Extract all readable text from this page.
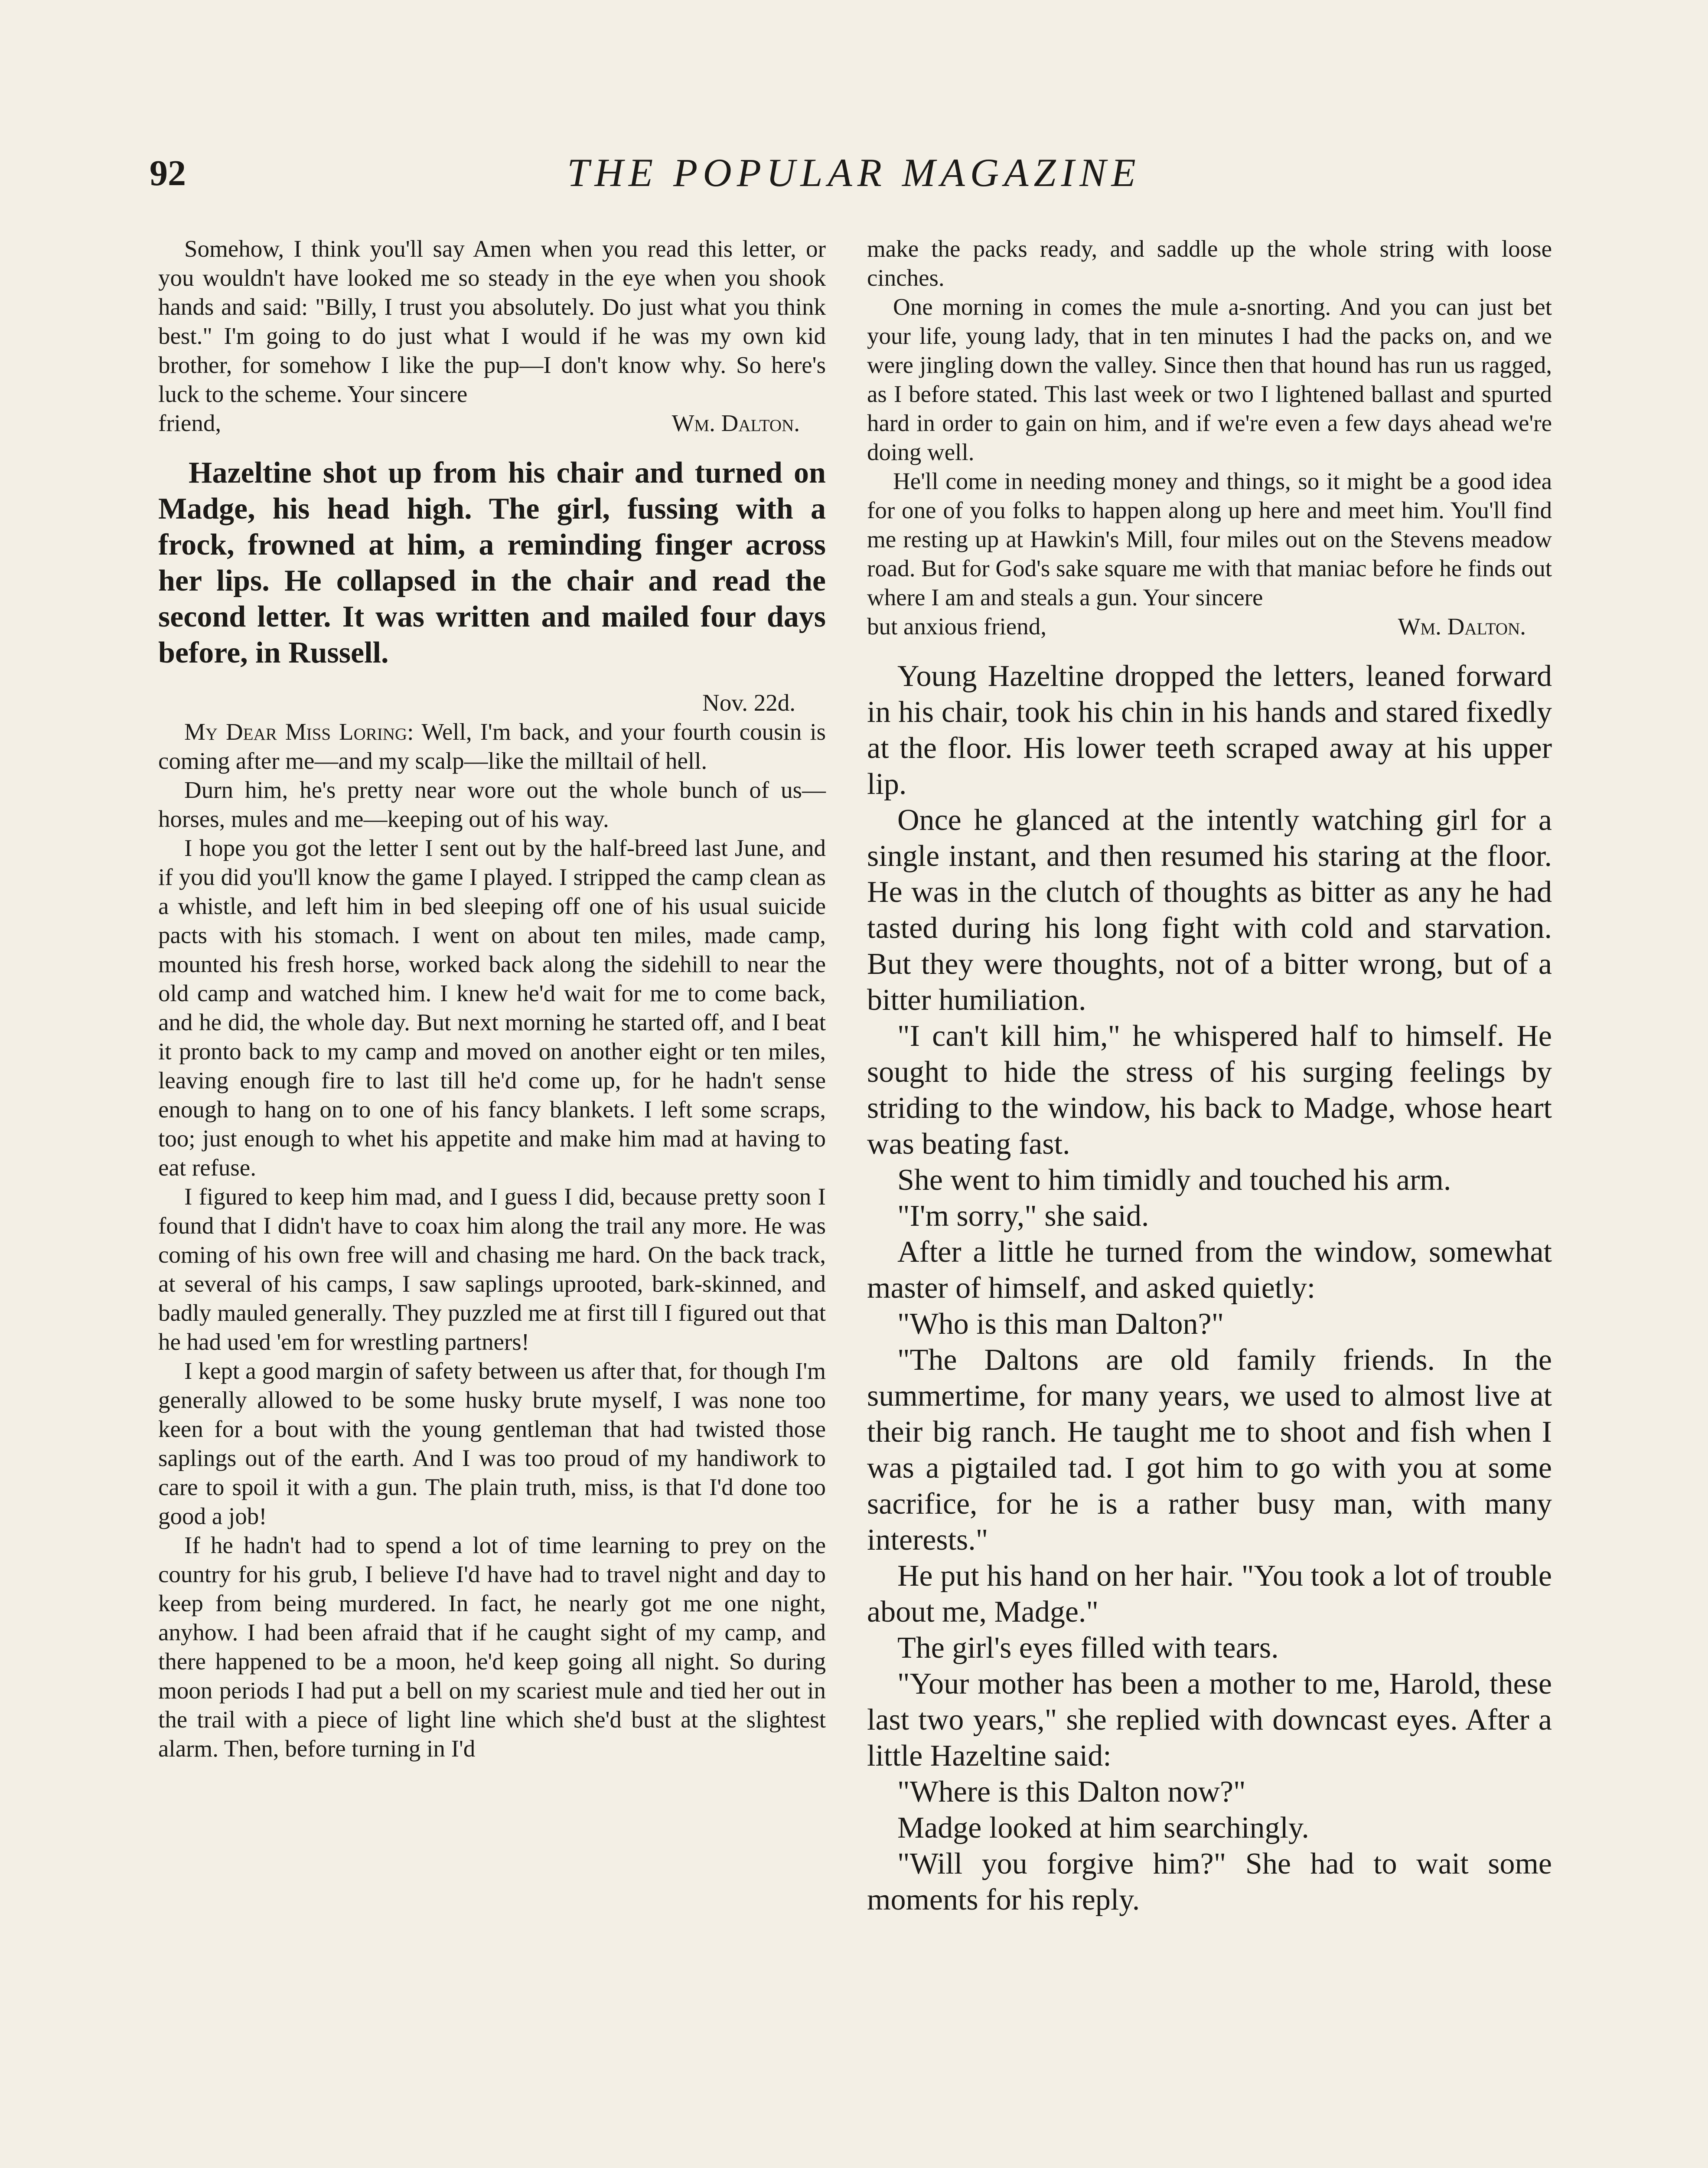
92	THE POPULAR MAGAZINE

Somehow, I think you'll say Amen when you read this letter, or you wouldn't have looked me so steady in the eye when you shook hands and said: "Billy, I trust you absolutely. Do just what you think best." I'm going to do just what I would if he was my own kid brother, for somehow I like the pup—I don't know why. So here's luck to the scheme. Your sincere

friend,	Wm. Dalton.

Hazeltine shot up from his chair and turned on Madge, his head high. The girl, fussing with a frock, frowned at him, a reminding finger across her lips. He collapsed in the chair and read the second letter. It was written and mailed four days before, in Russell.

Nov. 22d.

My Dear Miss Loring: Well, I'm back, and your fourth cousin is coming after me—and my scalp—like the milltail of hell.

Durn him, he's pretty near wore out the whole bunch of us—horses, mules and me—keeping out of his way.

I hope you got the letter I sent out by the half-breed last June, and if you did you'll know the game I played. I stripped the camp clean as a whistle, and left him in bed sleeping off one of his usual suicide pacts with his stomach. I went on about ten miles, made camp, mounted his fresh horse, worked back along the sidehill to near the old camp and watched him. I knew he'd wait for me to come back, and he did, the whole day. But next morning he started off, and I beat it pronto back to my camp and moved on another eight or ten miles, leaving enough fire to last till he'd come up, for he hadn't sense enough to hang on to one of his fancy blankets. I left some scraps, too; just enough to whet his appetite and make him mad at having to eat refuse.

I figured to keep him mad, and I guess I did, because pretty soon I found that I didn't have to coax him along the trail any more. He was coming of his own free will and chasing me hard. On the back track, at several of his camps, I saw saplings uprooted, bark-skinned, and badly mauled generally. They puzzled me at first till I figured out that he had used 'em for wrestling partners!

I kept a good margin of safety between us after that, for though I'm generally allowed to be some husky brute myself, I was none too keen for a bout with the young gentleman that had twisted those saplings out of the earth. And I was too proud of my handiwork to care to spoil it with a gun. The plain truth, miss, is that I'd done too good a job!

If he hadn't had to spend a lot of time learning to prey on the country for his grub, I believe I'd have had to travel night and day to keep from being murdered. In fact, he nearly got me one night, anyhow. I had been afraid that if he caught sight of my camp, and there happened to be a moon, he'd keep going all night. So during moon periods I had put a bell on my scariest mule and tied her out in the trail with a piece of light line which she'd bust at the slightest alarm. Then, before turning in I'd

make the packs ready, and saddle up the whole string with loose cinches.

One morning in comes the mule a-snorting. And you can just bet your life, young lady, that in ten minutes I had the packs on, and we were jingling down the valley. Since then that hound has run us ragged, as I before stated. This last week or two I lightened ballast and spurted hard in order to gain on him, and if we're even a few days ahead we're doing well.

He'll come in needing money and things, so it might be a good idea for one of you folks to happen along up here and meet him. You'll find me resting up at Hawkin's Mill, four miles out on the Stevens meadow road. But for God's sake square me with that maniac before he finds out where I am and steals a gun. Your sincere

but anxious friend,	Wm. Dalton.

Young Hazeltine dropped the letters, leaned forward in his chair, took his chin in his hands and stared fixedly at the floor. His lower teeth scraped away at his upper lip.

Once he glanced at the intently watching girl for a single instant, and then resumed his staring at the floor. He was in the clutch of thoughts as bitter as any he had tasted during his long fight with cold and starvation. But they were thoughts, not of a bitter wrong, but of a bitter humiliation.

"I can't kill him," he whispered half to himself. He sought to hide the stress of his surging feelings by striding to the window, his back to Madge, whose heart was beating fast.

She went to him timidly and touched his arm.

"I'm sorry," she said.

After a little he turned from the window, somewhat master of himself, and asked quietly:

"Who is this man Dalton?"

"The Daltons are old family friends. In the summertime, for many years, we used to almost live at their big ranch. He taught me to shoot and fish when I was a pigtailed tad. I got him to go with you at some sacrifice, for he is a rather busy man, with many interests."

He put his hand on her hair. "You took a lot of trouble about me, Madge."

The girl's eyes filled with tears.

"Your mother has been a mother to me, Harold, these last two years," she replied with downcast eyes. After a little Hazeltine said:

"Where is this Dalton now?"

Madge looked at him searchingly.

"Will you forgive him?" She had to wait some moments for his reply.
